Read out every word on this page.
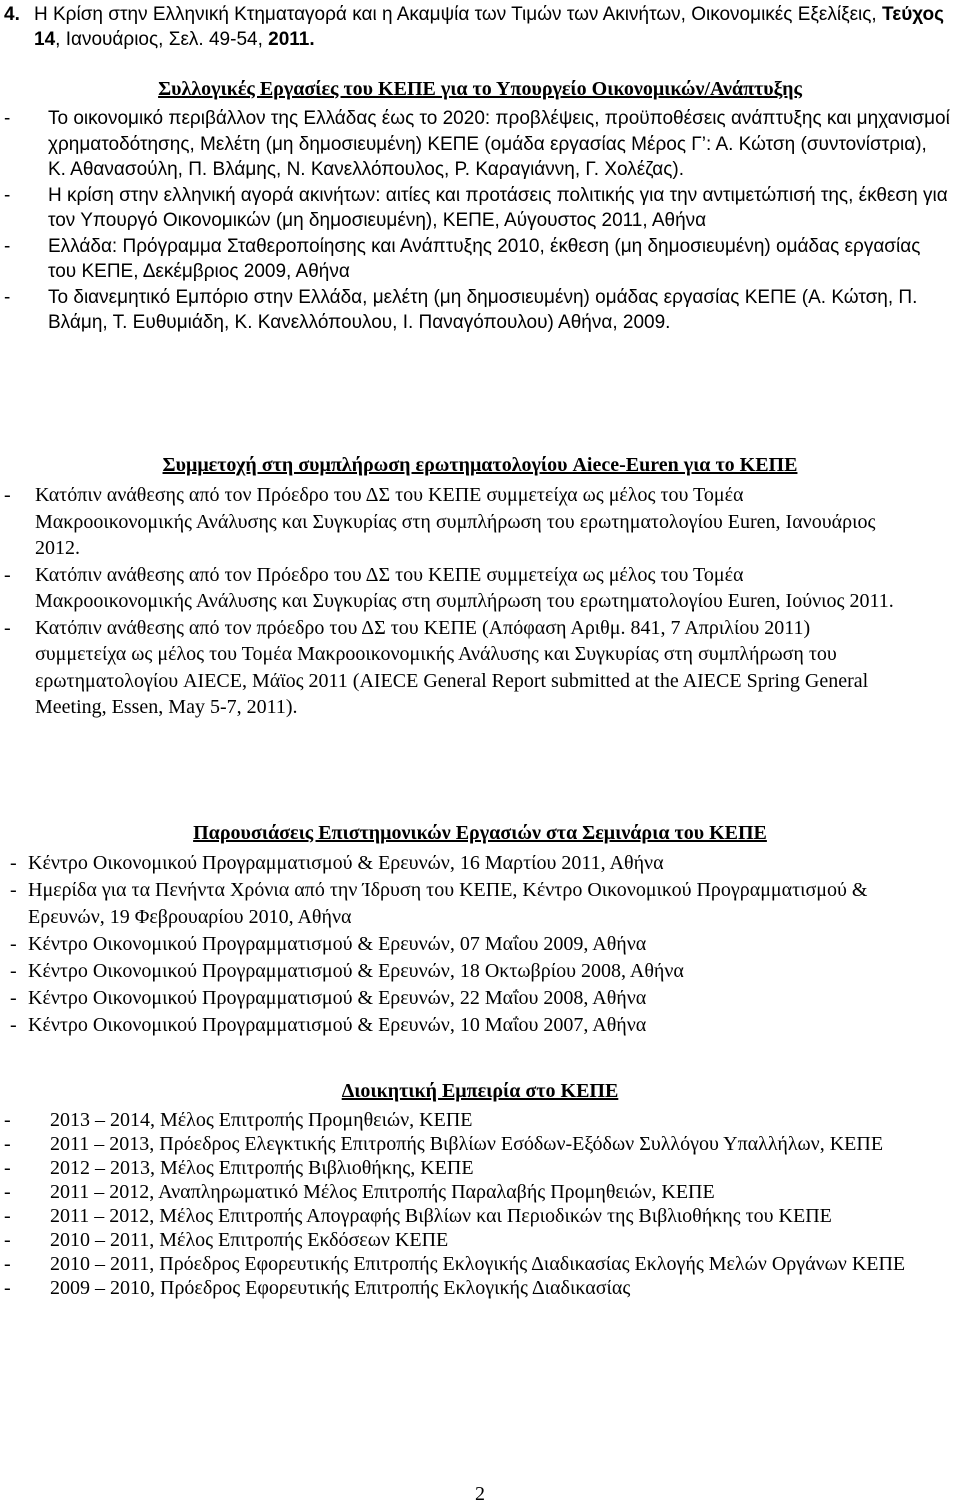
4. Η Κρίση στην Ελληνική Κτηματαγορά και η Ακαμψία των Τιμών των Ακινήτων, Οικονομικές Εξελίξεις, Τεύχος 14, Ιανουάριος, Σελ. 49-54, 2011.
Συλλογικές Εργασίες του ΚΕΠΕ για το Υπουργείο Οικονομικών/Ανάπτυξης
- Το οικονομικό περιβάλλον της Ελλάδας έως το 2020: προβλέψεις, προϋποθέσεις ανάπτυξης και μηχανισμοί χρηματοδότησης, Μελέτη (μη δημοσιευμένη) ΚΕΠΕ (ομάδα εργασίας Μέρος Γ’: Α. Κώτση (συντονίστρια), Κ. Αθανασούλη, Π. Βλάμης, Ν. Κανελλόπουλος, Ρ. Καραγιάννη, Γ. Χολέζας).
- Η κρίση στην ελληνική αγορά ακινήτων: αιτίες και προτάσεις πολιτικής για την αντιμετώπισή της, έκθεση για τον Υπουργό Οικονομικών (μη δημοσιευμένη), ΚΕΠΕ, Αύγουστος 2011, Αθήνα
- Ελλάδα: Πρόγραμμα Σταθεροποίησης και Ανάπτυξης 2010, έκθεση (μη δημοσιευμένη) ομάδας εργασίας του ΚΕΠΕ, Δεκέμβριος 2009, Αθήνα
- Το διανεμητικό Εμπόριο στην Ελλάδα, μελέτη (μη δημοσιευμένη) ομάδας εργασίας ΚΕΠΕ (Α. Κώτση, Π. Βλάμη, Τ. Ευθυμιάδη, Κ. Κανελλόπουλου, Ι. Παναγόπουλου) Αθήνα, 2009.
Συμμετοχή στη συμπλήρωση ερωτηματολογίου Aiece-Euren για το ΚΕΠΕ
- Κατόπιν ανάθεσης από τον Πρόεδρο του ΔΣ του ΚΕΠΕ συμμετείχα ως μέλος του Τομέα Μακροοικονομικής Ανάλυσης και Συγκυρίας στη συμπλήρωση του ερωτηματολογίου Euren, Ιανουάριος 2012.
- Κατόπιν ανάθεσης από τον Πρόεδρο του ΔΣ του ΚΕΠΕ συμμετείχα ως μέλος του Τομέα Μακροοικονομικής Ανάλυσης και Συγκυρίας στη συμπλήρωση του ερωτηματολογίου Euren, Ιούνιος 2011.
- Κατόπιν ανάθεσης από τον πρόεδρο του ΔΣ του ΚΕΠΕ (Απόφαση Αριθμ. 841, 7 Απριλίου 2011) συμμετείχα ως μέλος του Τομέα Μακροοικονομικής Ανάλυσης και Συγκυρίας στη συμπλήρωση του ερωτηματολογίου AIECE, Μάϊος 2011 (AIECE General Report submitted at the AIECE Spring General Meeting, Essen, May 5-7, 2011).
Παρουσιάσεις Επιστημονικών Εργασιών στα Σεμινάρια του ΚΕΠΕ
- Κέντρο Οικονομικού Προγραμματισμού & Ερευνών, 16 Μαρτίου 2011, Αθήνα
- Ημερίδα για τα Πενήντα Χρόνια από την Ίδρυση του ΚΕΠΕ, Κέντρο Οικονομικού Προγραμματισμού & Ερευνών, 19 Φεβρουαρίου 2010, Αθήνα
- Κέντρο Οικονομικού Προγραμματισμού & Ερευνών, 07 Μαΐου 2009, Αθήνα
- Κέντρο Οικονομικού Προγραμματισμού & Ερευνών, 18 Οκτωβρίου 2008, Αθήνα
- Κέντρο Οικονομικού Προγραμματισμού & Ερευνών, 22 Μαΐου 2008, Αθήνα
- Κέντρο Οικονομικού Προγραμματισμού & Ερευνών, 10 Μαΐου 2007, Αθήνα
Διοικητική Εμπειρία στο ΚΕΠΕ
- 2013 – 2014, Μέλος Επιτροπής Προμηθειών, ΚΕΠΕ
- 2011 – 2013, Πρόεδρος Ελεγκτικής Επιτροπής Βιβλίων Εσόδων-Εξόδων Συλλόγου Υπαλλήλων, ΚΕΠΕ
- 2012 – 2013, Μέλος Επιτροπής Βιβλιοθήκης, ΚΕΠΕ
- 2011 – 2012, Αναπληρωματικό Μέλος Επιτροπής Παραλαβής Προμηθειών, ΚΕΠΕ
- 2011 – 2012, Μέλος Επιτροπής Απογραφής Βιβλίων και Περιοδικών της Βιβλιοθήκης του ΚΕΠΕ
- 2010 – 2011, Μέλος Επιτροπής Εκδόσεων ΚΕΠΕ
- 2010 – 2011, Πρόεδρος Εφορευτικής Επιτροπής Εκλογικής Διαδικασίας Εκλογής Μελών Οργάνων ΚΕΠΕ
- 2009 – 2010, Πρόεδρος Εφορευτικής Επιτροπής Εκλογικής Διαδικασίας
2
